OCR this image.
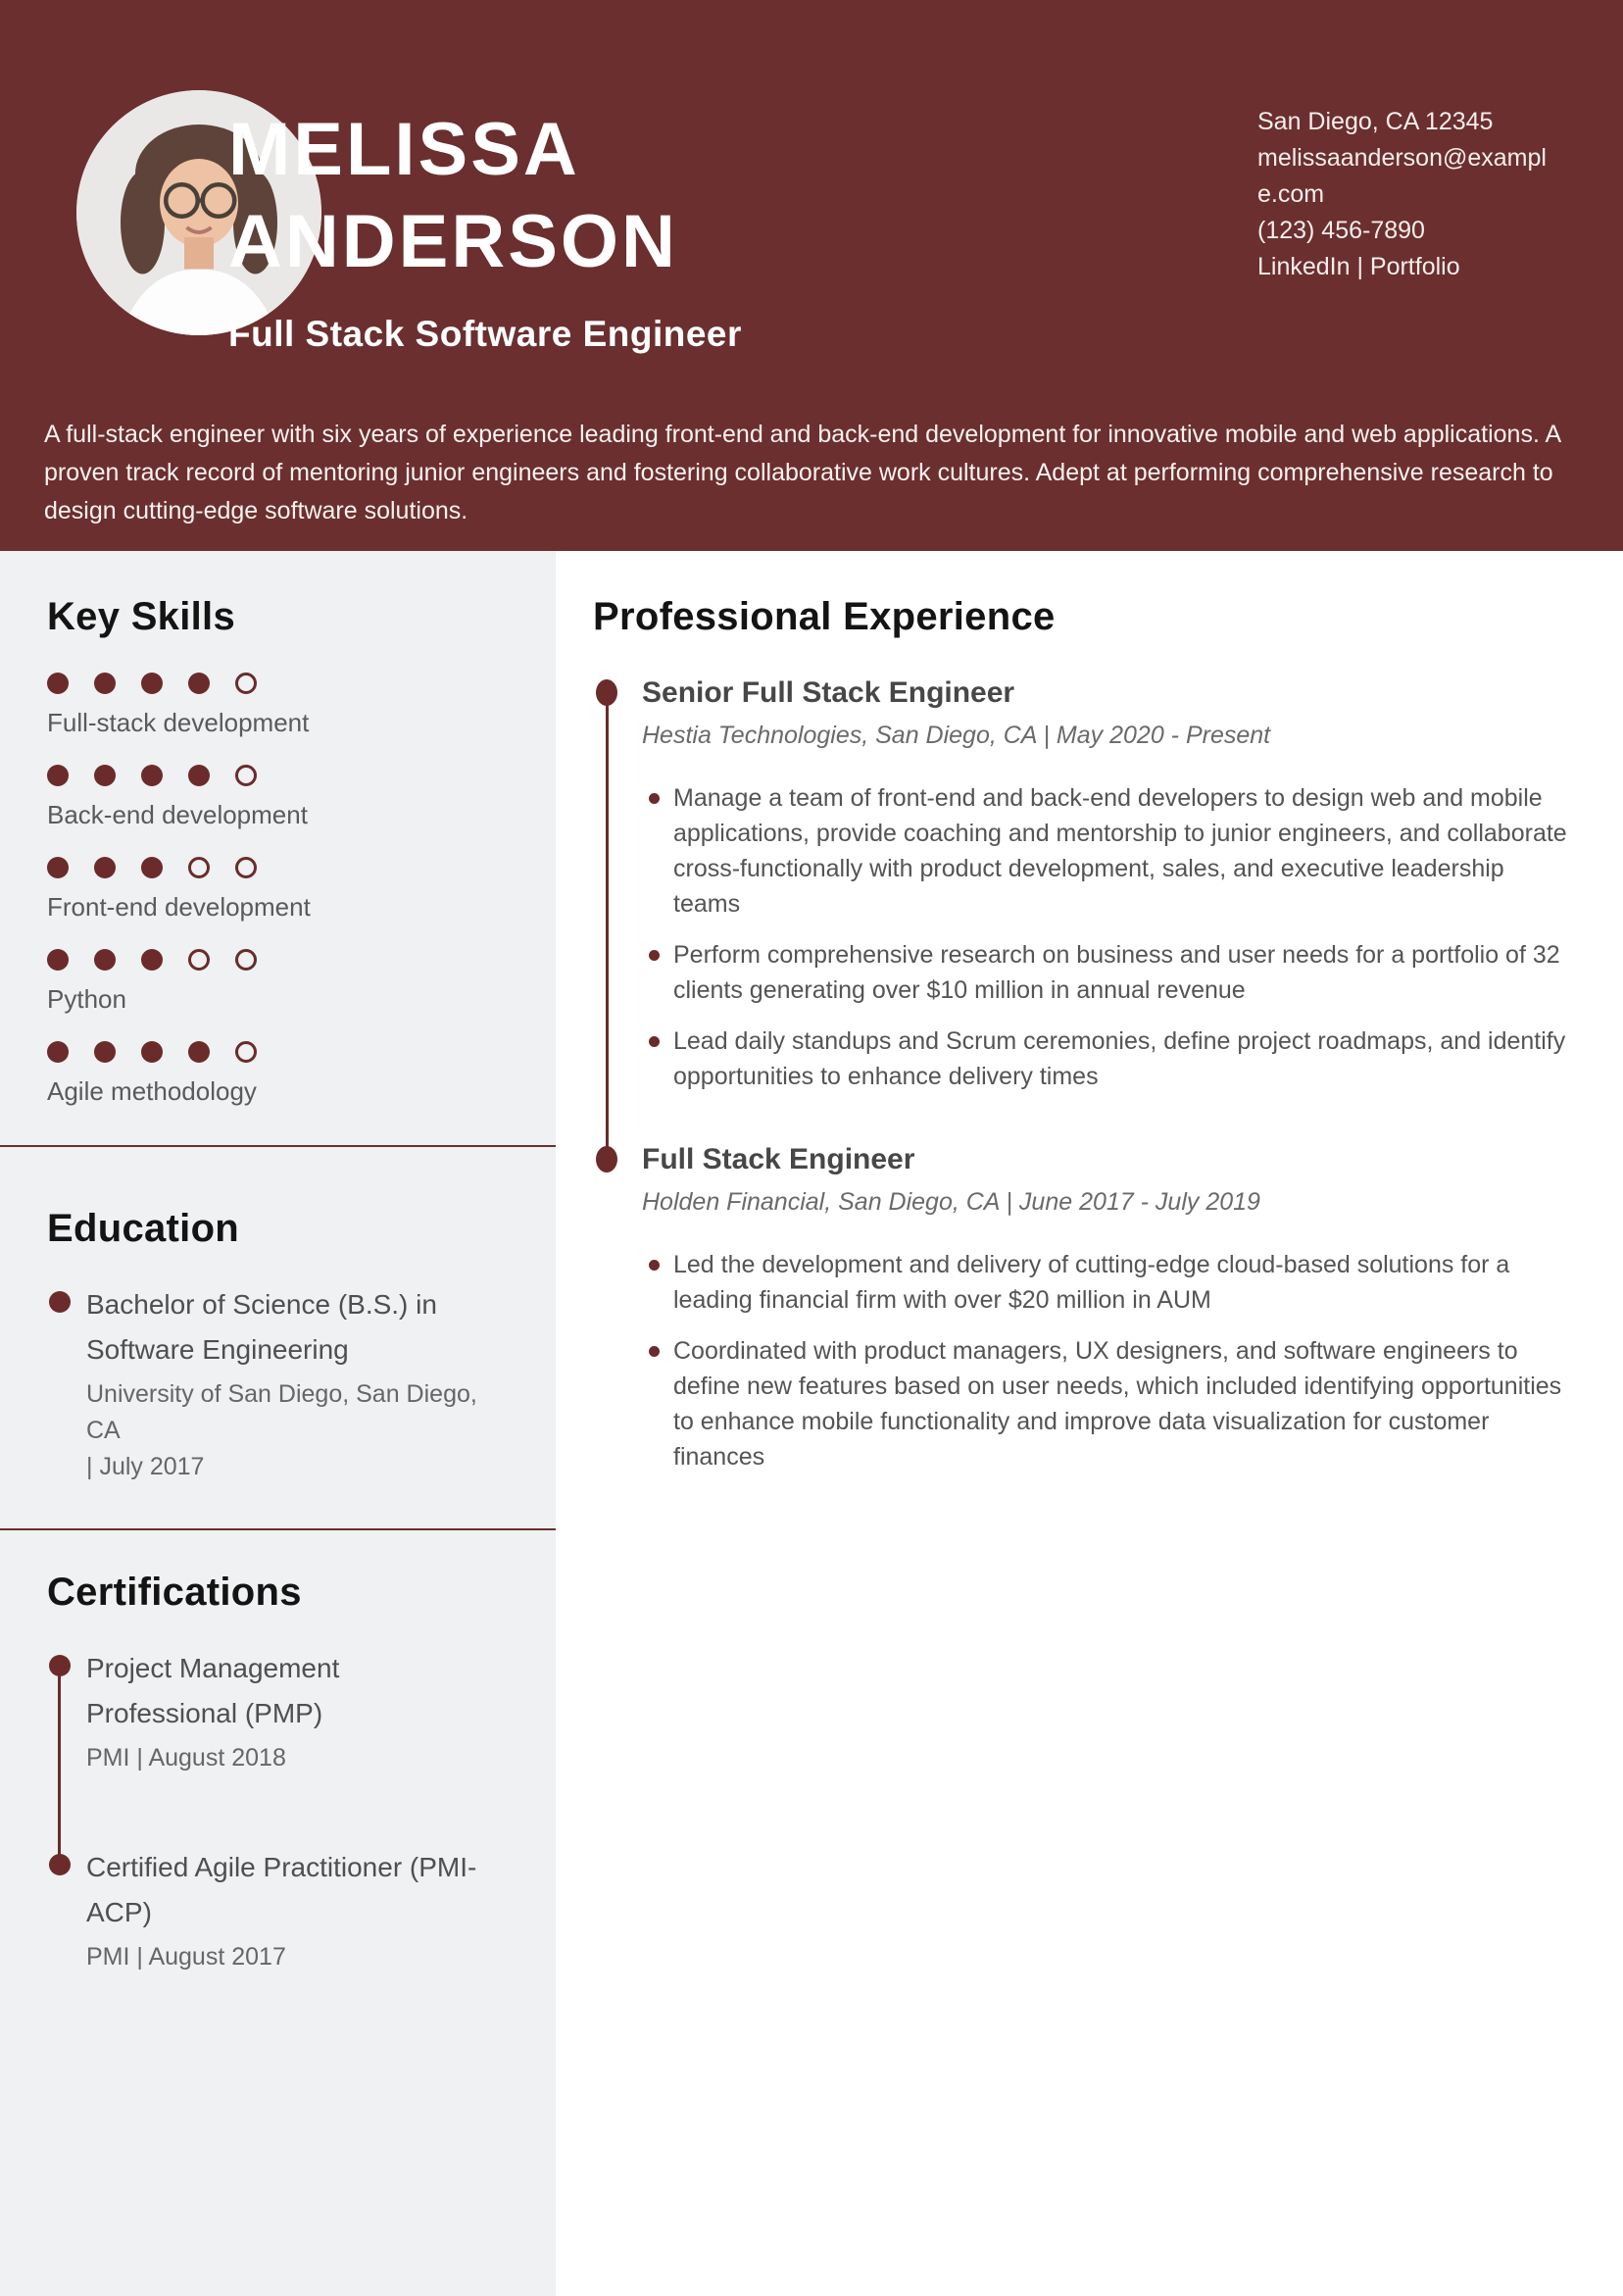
MELISSA
ANDERSON
Full Stack Software Engineer
San Diego, CA 12345
melissaanderson@example.com
(123) 456-7890
LinkedIn | Portfolio
A full-stack engineer with six years of experience leading front-end and back-end development for innovative mobile and web applications. A proven track record of mentoring junior engineers and fostering collaborative work cultures. Adept at performing comprehensive research to design cutting-edge software solutions.
Key Skills
Full-stack development
Back-end development
Front-end development
Python
Agile methodology
Education
Bachelor of Science (B.S.) in Software Engineering
University of San Diego, San Diego, CA
| July 2017
Certifications
Project Management Professional (PMP)
PMI | August 2018
Certified Agile Practitioner (PMI-ACP)
PMI | August 2017
Professional Experience
Senior Full Stack Engineer
Hestia Technologies, San Diego, CA | May 2020 - Present
Manage a team of front-end and back-end developers to design web and mobile applications, provide coaching and mentorship to junior engineers, and collaborate cross-functionally with product development, sales, and executive leadership teams
Perform comprehensive research on business and user needs for a portfolio of 32 clients generating over $10 million in annual revenue
Lead daily standups and Scrum ceremonies, define project roadmaps, and identify opportunities to enhance delivery times
Full Stack Engineer
Holden Financial, San Diego, CA | June 2017 - July 2019
Led the development and delivery of cutting-edge cloud-based solutions for a leading financial firm with over $20 million in AUM
Coordinated with product managers, UX designers, and software engineers to define new features based on user needs, which included identifying opportunities to enhance mobile functionality and improve data visualization for customer finances
